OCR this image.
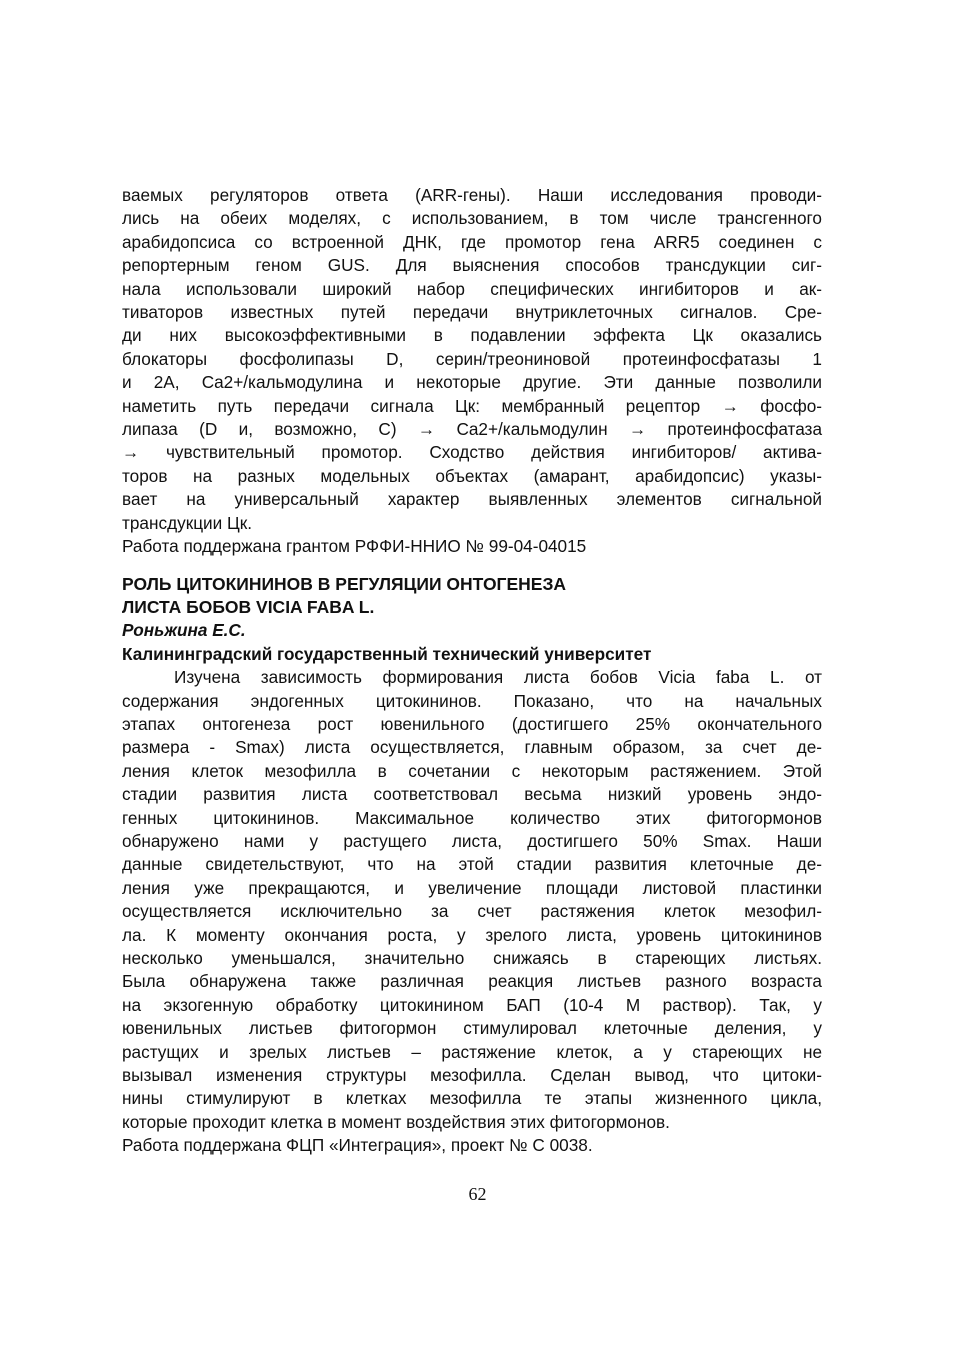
ваемых регуляторов ответа (ARR-гены). Наши исследования проводи-
лись на обеих моделях, с использованием, в том числе трансгенного
арабидопсиса со встроенной ДНК, где промотор гена ARR5 соединен с
репортерным геном GUS. Для выяснения способов трансдукции сиг-
нала использовали широкий набор специфических ингибиторов и ак-
тиваторов известных путей передачи внутриклеточных сигналов. Сре-
ди них высокоэффективными в подавлении эффекта Цк оказались
блокаторы фосфолипазы D, серин/треониновой протеинфосфатазы 1
и 2А, Ca2+/кальмодулина и некоторые другие. Эти данные позволили
наметить путь передачи сигнала Цк: мембранный рецептор → фосфо-
липаза (D и, возможно, С) → Ca2+/кальмодулин → протеинфосфатаза
→ чувствительный промотор. Сходство действия ингибиторов/ актива-
торов на разных модельных объектах (амарант, арабидопсис) указы-
вает на универсальный характер выявленных элементов сигнальной
трансдукции Цк.
Работа поддержана грантом РФФИ-ННИО № 99-04-04015
РОЛЬ ЦИТОКИНИНОВ В РЕГУЛЯЦИИ ОНТОГЕНЕЗА
ЛИСТА БОБОВ VICIA FABA L.
Роньжина Е.С.
Калининградский государственный технический университет
Изучена зависимость формирования листа бобов Vicia faba L. от
содержания эндогенных цитокининов. Показано, что на начальных
этапах онтогенеза рост ювенильного (достигшего 25% окончательного
размера - Smax) листа осуществляется, главным образом, за счет де-
ления клеток мезофилла в сочетании с некоторым растяжением. Этой
стадии развития листа соответствовал весьма низкий уровень эндо-
генных цитокининов. Максимальное количество этих фитогормонов
обнаружено нами у растущего листа, достигшего 50% Smax. Наши
данные свидетельствуют, что на этой стадии развития клеточные де-
ления уже прекращаются, и увеличение площади листовой пластинки
осуществляется исключительно за счет растяжения клеток мезофил-
ла. К моменту окончания роста, у зрелого листа, уровень цитокининов
несколько уменьшался, значительно снижаясь в стареющих листьях.
Была обнаружена также различная реакция листьев разного возраста
на экзогенную обработку цитокинином БАП (10-4 М раствор). Так, у
ювенильных листьев фитогормон стимулировал клеточные деления, у
растущих и зрелых листьев – растяжение клеток, а у стареющих не
вызывал изменения структуры мезофилла. Сделан вывод, что цитоки-
нины стимулируют в клетках мезофилла те этапы жизненного цикла,
которые проходит клетка в момент воздействия этих фитогормонов.
Работа поддержана ФЦП «Интеграция», проект № С 0038.
62
